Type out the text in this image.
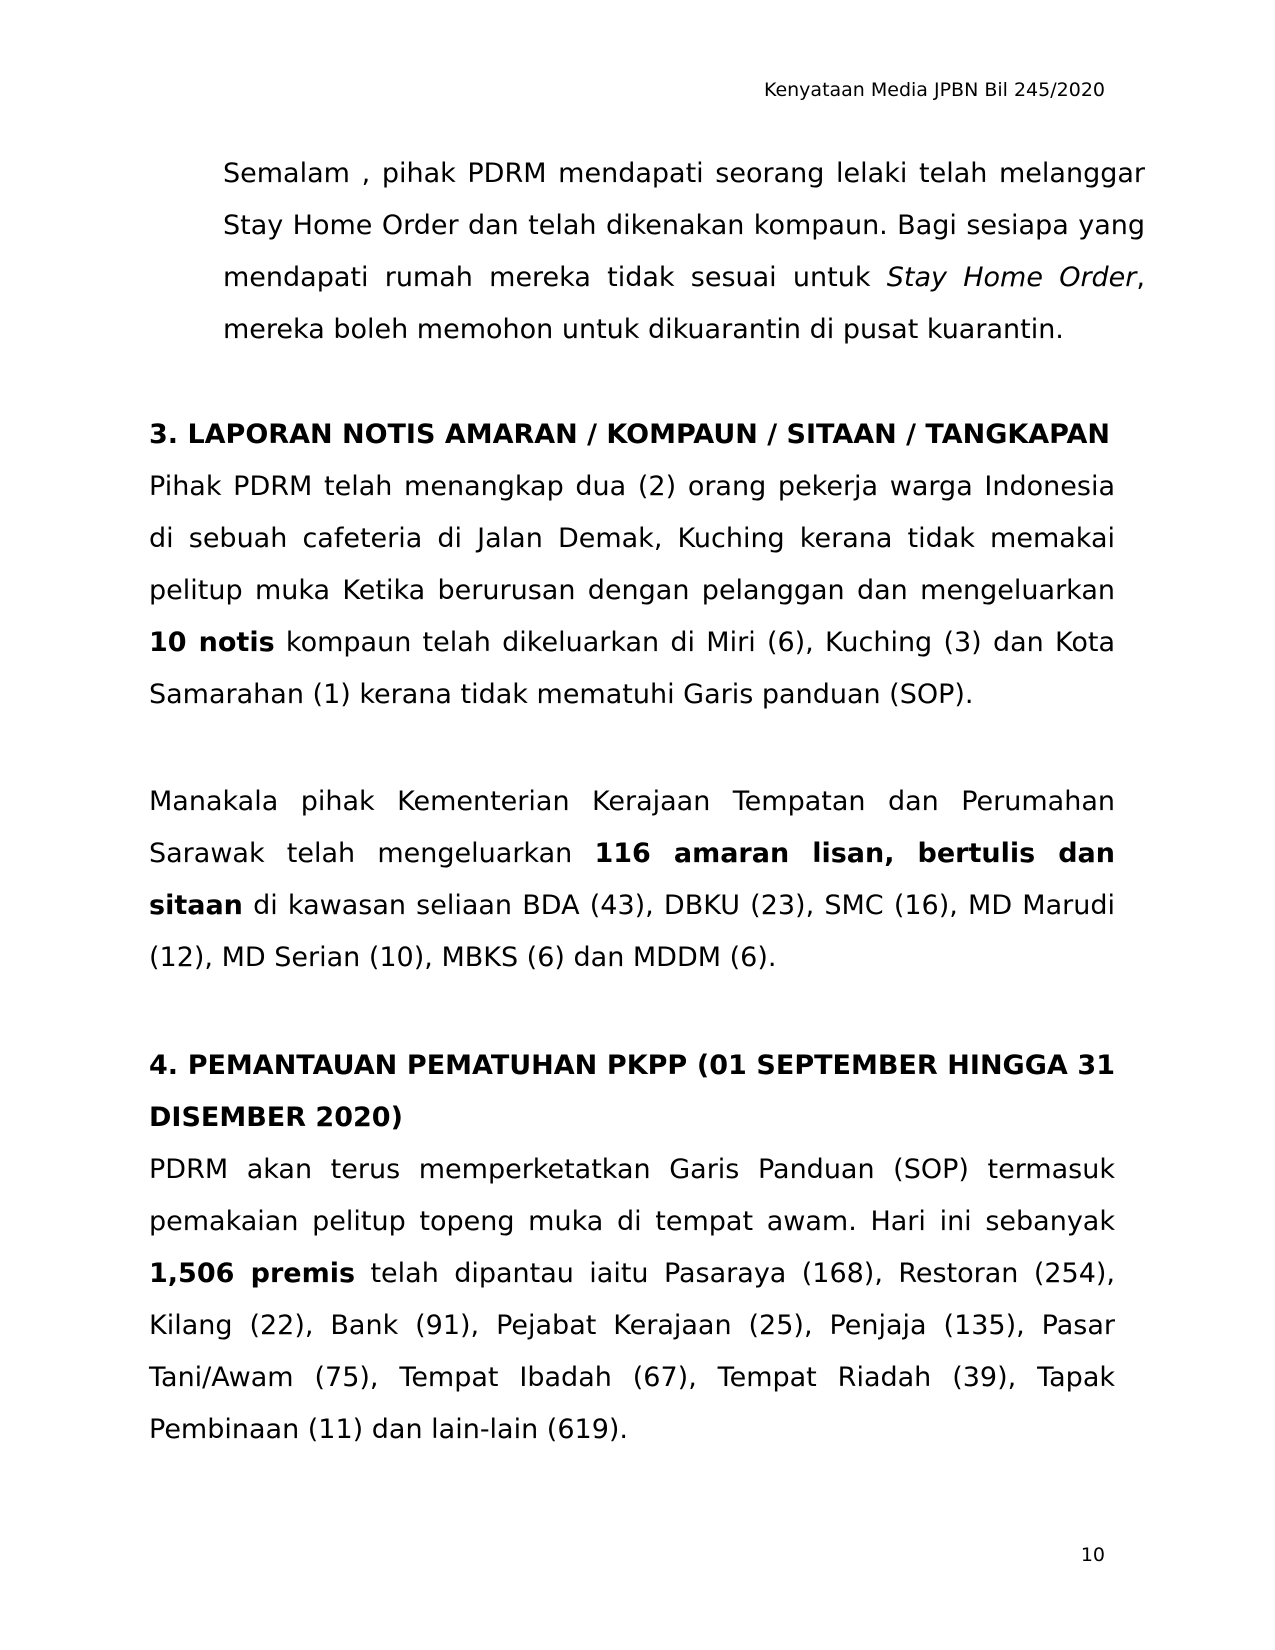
Kenyataan Media JPBN Bil 245/2020

Semalam , pihak PDRM mendapati seorang lelaki telah melanggar Stay Home Order dan telah dikenakan kompaun. Bagi sesiapa yang mendapati rumah mereka tidak sesuai untuk Stay Home Order, mereka boleh memohon untuk dikuarantin di pusat kuarantin.

3. LAPORAN NOTIS AMARAN / KOMPAUN / SITAAN / TANGKAPAN

Pihak PDRM telah menangkap dua (2) orang pekerja warga Indonesia di sebuah cafeteria di Jalan Demak, Kuching kerana tidak memakai pelitup muka Ketika berurusan dengan pelanggan dan mengeluarkan 10 notis kompaun telah dikeluarkan di Miri (6), Kuching (3) dan Kota Samarahan (1) kerana tidak mematuhi Garis panduan (SOP).

Manakala pihak Kementerian Kerajaan Tempatan dan Perumahan Sarawak telah mengeluarkan 116 amaran lisan, bertulis dan sitaan di kawasan seliaan BDA (43), DBKU (23), SMC (16), MD Marudi (12), MD Serian (10), MBKS (6) dan MDDM (6).

4. PEMANTAUAN PEMATUHAN PKPP (01 SEPTEMBER HINGGA 31 DISEMBER 2020)

PDRM akan terus memperketatkan Garis Panduan (SOP) termasuk pemakaian pelitup topeng muka di tempat awam. Hari ini sebanyak 1,506 premis telah dipantau iaitu Pasaraya (168), Restoran (254), Kilang (22), Bank (91), Pejabat Kerajaan (25), Penjaja (135), Pasar Tani/Awam (75), Tempat Ibadah (67), Tempat Riadah (39), Tapak Pembinaan (11) dan lain-lain (619).

10
